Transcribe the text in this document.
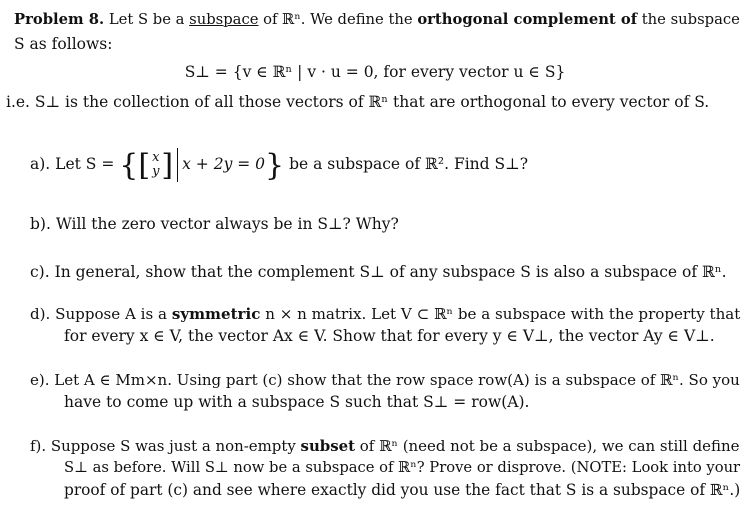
Problem 8. Let S be a subspace of ℝⁿ. We define the orthogonal complement of the subspace
S as follows:
S⊥ = {v ∈ ℝⁿ | v · u = 0, for every vector u ∈ S}
i.e. S⊥ is the collection of all those vectors of ℝⁿ that are orthogonal to every vector of S.
a). Let S = {[ x
y] x + 2y = 0} be a subspace of ℝ². Find S⊥?
b). Will the zero vector always be in S⊥? Why?
c). In general, show that the complement S⊥ of any subspace S is also a subspace of ℝⁿ.
d). Suppose A is a symmetric n × n matrix. Let V ⊂ ℝⁿ be a subspace with the property that
for every x ∈ V, the vector Ax ∈ V. Show that for every y ∈ V⊥, the vector Ay ∈ V⊥.
e). Let A ∈ Mm×n. Using part (c) show that the row space row(A) is a subspace of ℝⁿ. So you
have to come up with a subspace S such that S⊥ = row(A).
f). Suppose S was just a non-empty subset of ℝⁿ (need not be a subspace), we can still define
S⊥ as before. Will S⊥ now be a subspace of ℝⁿ? Prove or disprove. (NOTE: Look into your
proof of part (c) and see where exactly did you use the fact that S is a subspace of ℝⁿ.)
